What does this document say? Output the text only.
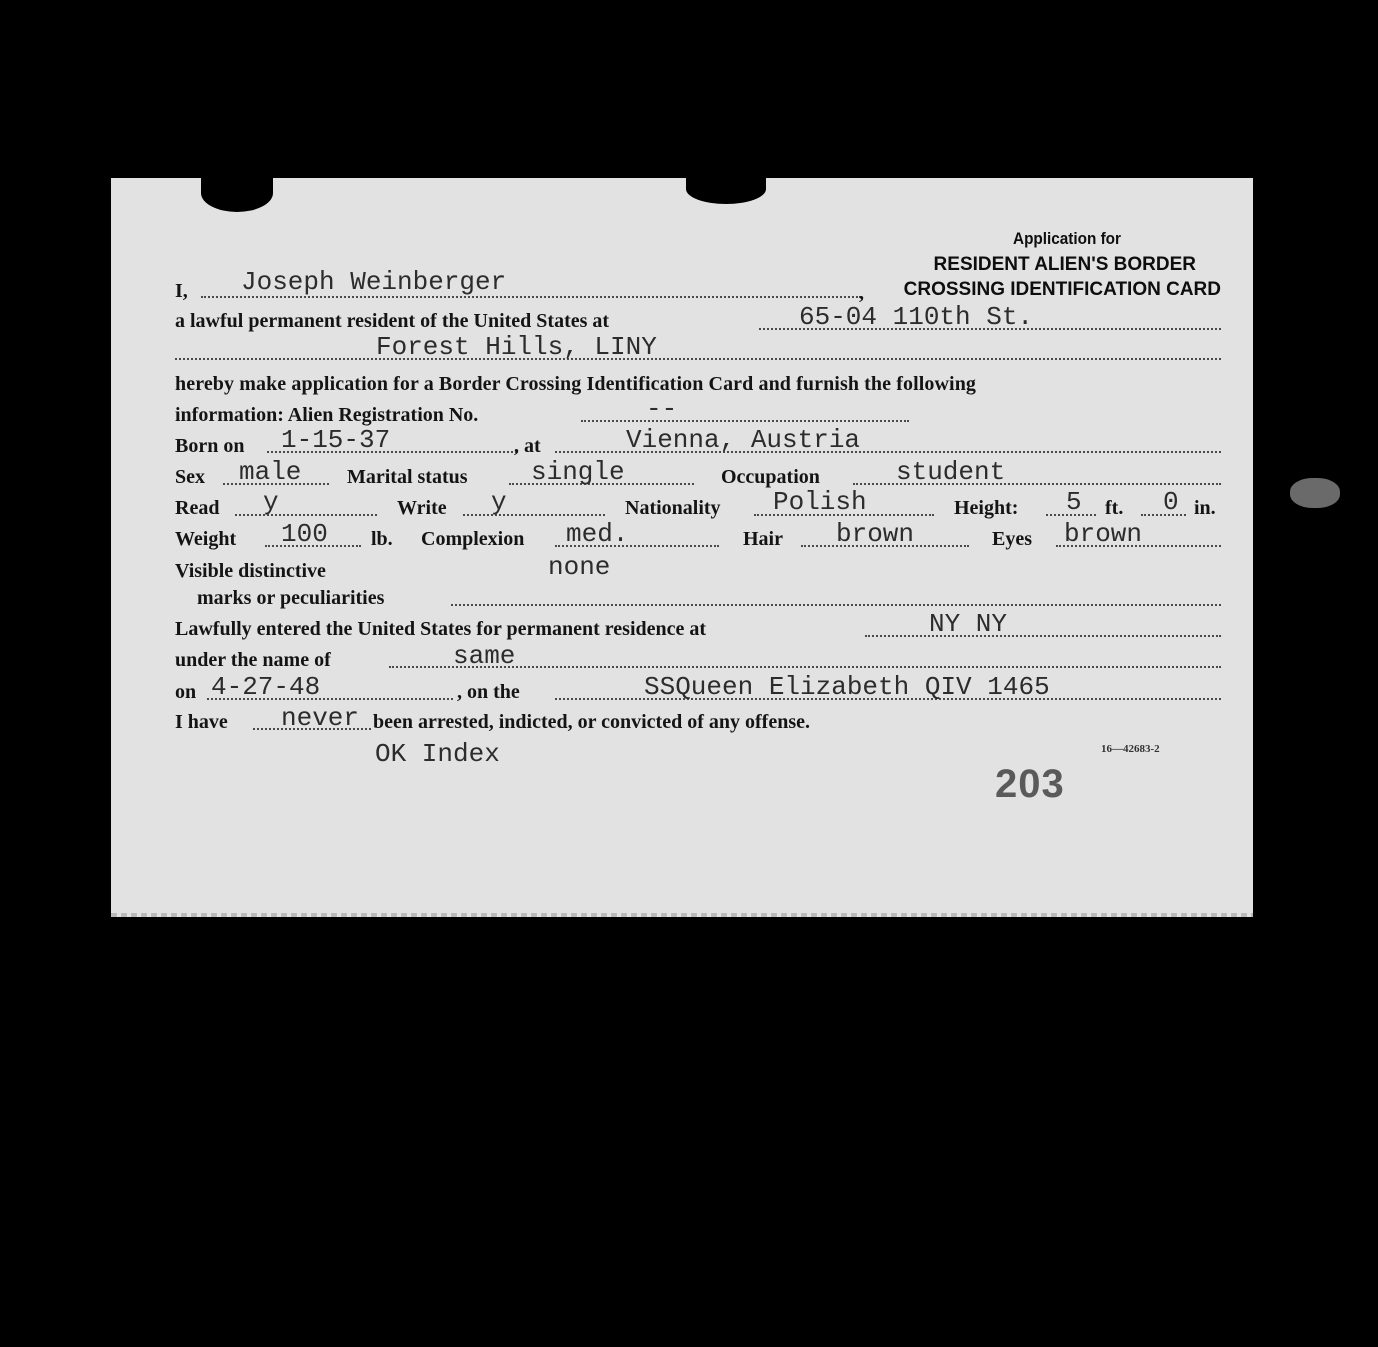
Application for
RESIDENT ALIEN'S BORDER
CROSSING IDENTIFICATION CARD
I, Joseph Weinberger	,
a lawful permanent resident of the United States at	65-04 110th St.
Forest Hills, LINY
hereby make application for a Border Crossing Identification Card and furnish the following
information: Alien Registration No.	--
Born on 1-15-37	, at	Vienna, Austria
Sex male Marital status single	Occupation	student
Read y	Write y	Nationality Polish	Height: 5 ft. 0 in.
Weight 100 lb. Complexion med.	Hair brown	Eyes brown
Visible distinctive	none
marks or peculiarities
Lawfully entered the United States for permanent residence at	NY NY
under the name of	same
on 4-27-48	, on the	SSQueen Elizabeth QIV 1465
I have never been arrested, indicted, or convicted of any offense.
OK Index	16—42683-2
203
